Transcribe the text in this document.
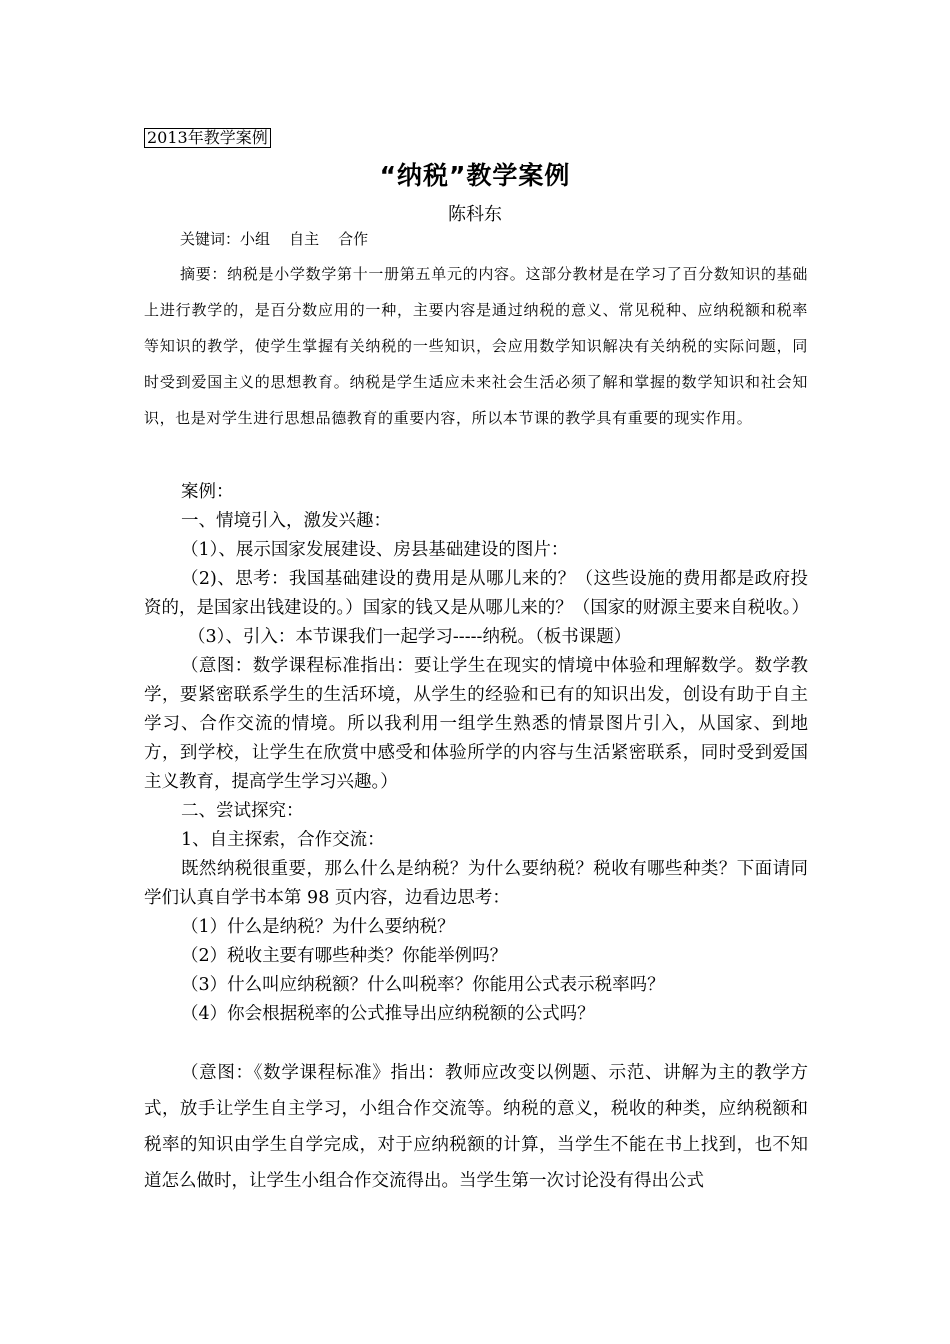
2013年教学案例
“纳税”教学案例
陈科东
关键词：小组    自主    合作
摘要：纳税是小学数学第十一册第五单元的内容。这部分教材是在学习了百分数知识的基础上进行教学的，是百分数应用的一种，主要内容是通过纳税的意义、常见税种、应纳税额和税率等知识的教学，使学生掌握有关纳税的一些知识，会应用数学知识解决有关纳税的实际问题，同时受到爱国主义的思想教育。纳税是学生适应未来社会生活必须了解和掌握的数学知识和社会知识，也是对学生进行思想品德教育的重要内容，所以本节课的教学具有重要的现实作用。

案例：

一、情境引入，激发兴趣：

（1）、展示国家发展建设、房县基础建设的图片：

（2)、思考：我国基础建设的费用是从哪儿来的？（这些设施的费用都是政府投资的，是国家出钱建设的。）国家的钱又是从哪儿来的？（国家的财源主要来自税收。）

（3）、引入：本节课我们一起学习-----纳税。（板书课题）

（意图：数学课程标准指出：要让学生在现实的情境中体验和理解数学。数学教学，要紧密联系学生的生活环境，从学生的经验和已有的知识出发，创设有助于自主学习、合作交流的情境。所以我利用一组学生熟悉的情景图片引入，从国家、到地方，到学校，让学生在欣赏中感受和体验所学的内容与生活紧密联系，同时受到爱国主义教育，提高学生学习兴趣。）

二、尝试探究：

1、自主探索，合作交流：

既然纳税很重要，那么什么是纳税？为什么要纳税？税收有哪些种类？下面请同学们认真自学书本第 98 页内容，边看边思考：

（1）什么是纳税？为什么要纳税？

（2）税收主要有哪些种类？你能举例吗？

（3）什么叫应纳税额？什么叫税率？你能用公式表示税率吗？

（4）你会根据税率的公式推导出应纳税额的公式吗？

（意图：《数学课程标准》指出：教师应改变以例题、示范、讲解为主的教学方式，放手让学生自主学习，小组合作交流等。纳税的意义，税收的种类，应纳税额和税率的知识由学生自学完成，对于应纳税额的计算，当学生不能在书上找到，也不知道怎么做时，让学生小组合作交流得出。当学生第一次讨论没有得出公式
